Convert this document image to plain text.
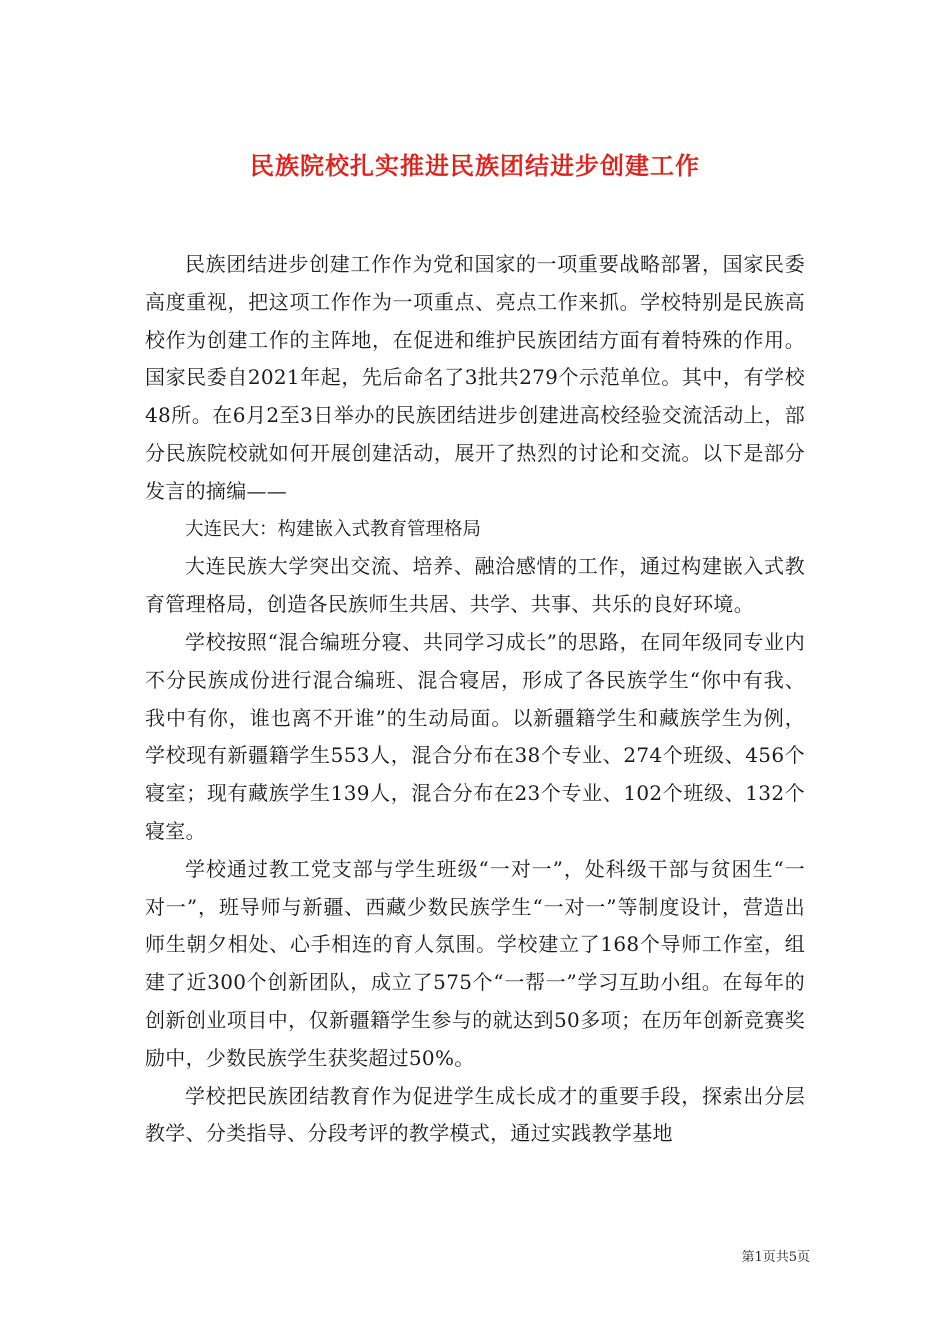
民族院校扎实推进民族团结进步创建工作

民族团结进步创建工作作为党和国家的一项重要战略部署，国家民委高度重视，把这项工作作为一项重点、亮点工作来抓。学校特别是民族高校作为创建工作的主阵地，在促进和维护民族团结方面有着特殊的作用。国家民委自2021年起，先后命名了3批共279个示范单位。其中，有学校48所。在6月2至3日举办的民族团结进步创建进高校经验交流活动上，部分民族院校就如何开展创建活动，展开了热烈的讨论和交流。以下是部分发言的摘编——

大连民大：构建嵌入式教育管理格局

大连民族大学突出交流、培养、融洽感情的工作，通过构建嵌入式教育管理格局，创造各民族师生共居、共学、共事、共乐的良好环境。

学校按照“混合编班分寝、共同学习成长”的思路，在同年级同专业内不分民族成份进行混合编班、混合寝居，形成了各民族学生“你中有我、我中有你，谁也离不开谁”的生动局面。以新疆籍学生和藏族学生为例，学校现有新疆籍学生553人，混合分布在38个专业、274个班级、456个寝室；现有藏族学生139人，混合分布在23个专业、102个班级、132个寝室。

学校通过教工党支部与学生班级“一对一”，处科级干部与贫困生“一对一”，班导师与新疆、西藏少数民族学生“一对一”等制度设计，营造出师生朝夕相处、心手相连的育人氛围。学校建立了168个导师工作室，组建了近300个创新团队，成立了575个“一帮一”学习互助小组。在每年的创新创业项目中，仅新疆籍学生参与的就达到50多项；在历年创新竞赛奖励中，少数民族学生获奖超过50%。

学校把民族团结教育作为促进学生成长成才的重要手段，探索出分层教学、分类指导、分段考评的教学模式，通过实践教学基地

第1页共5页
